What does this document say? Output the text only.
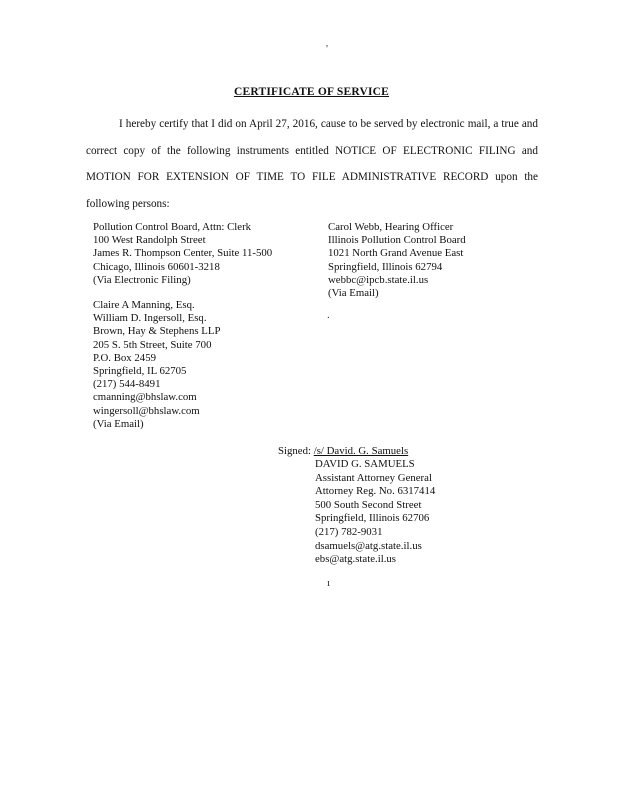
'
CERTIFICATE OF SERVICE
I hereby certify that I did on April 27, 2016, cause to be served by electronic mail, a true and correct copy of the following instruments entitled NOTICE OF ELECTRONIC FILING and MOTION FOR EXTENSION OF TIME TO FILE ADMINISTRATIVE RECORD upon the following persons:
Pollution Control Board, Attn: Clerk
100 West Randolph Street
James R. Thompson Center, Suite 11-500
Chicago, Illinois 60601-3218
(Via Electronic Filing)
Carol Webb, Hearing Officer
Illinois Pollution Control Board
1021 North Grand Avenue East
Springfield, Illinois 62794
webbc@ipcb.state.il.us
(Via Email)
.
Claire A Manning, Esq.
William D. Ingersoll, Esq.
Brown, Hay & Stephens LLP
205 S. 5th Street, Suite 700
P.O. Box 2459
Springfield, IL 62705
(217) 544-8491
cmanning@bhslaw.com
wingersoll@bhslaw.com
(Via Email)
Signed: /s/ David. G. Samuels
DAVID G. SAMUELS
Assistant Attorney General
Attorney Reg. No. 6317414
500 South Second Street
Springfield, Illinois 62706
(217) 782-9031
dsamuels@atg.state.il.us
ebs@atg.state.il.us
ı
